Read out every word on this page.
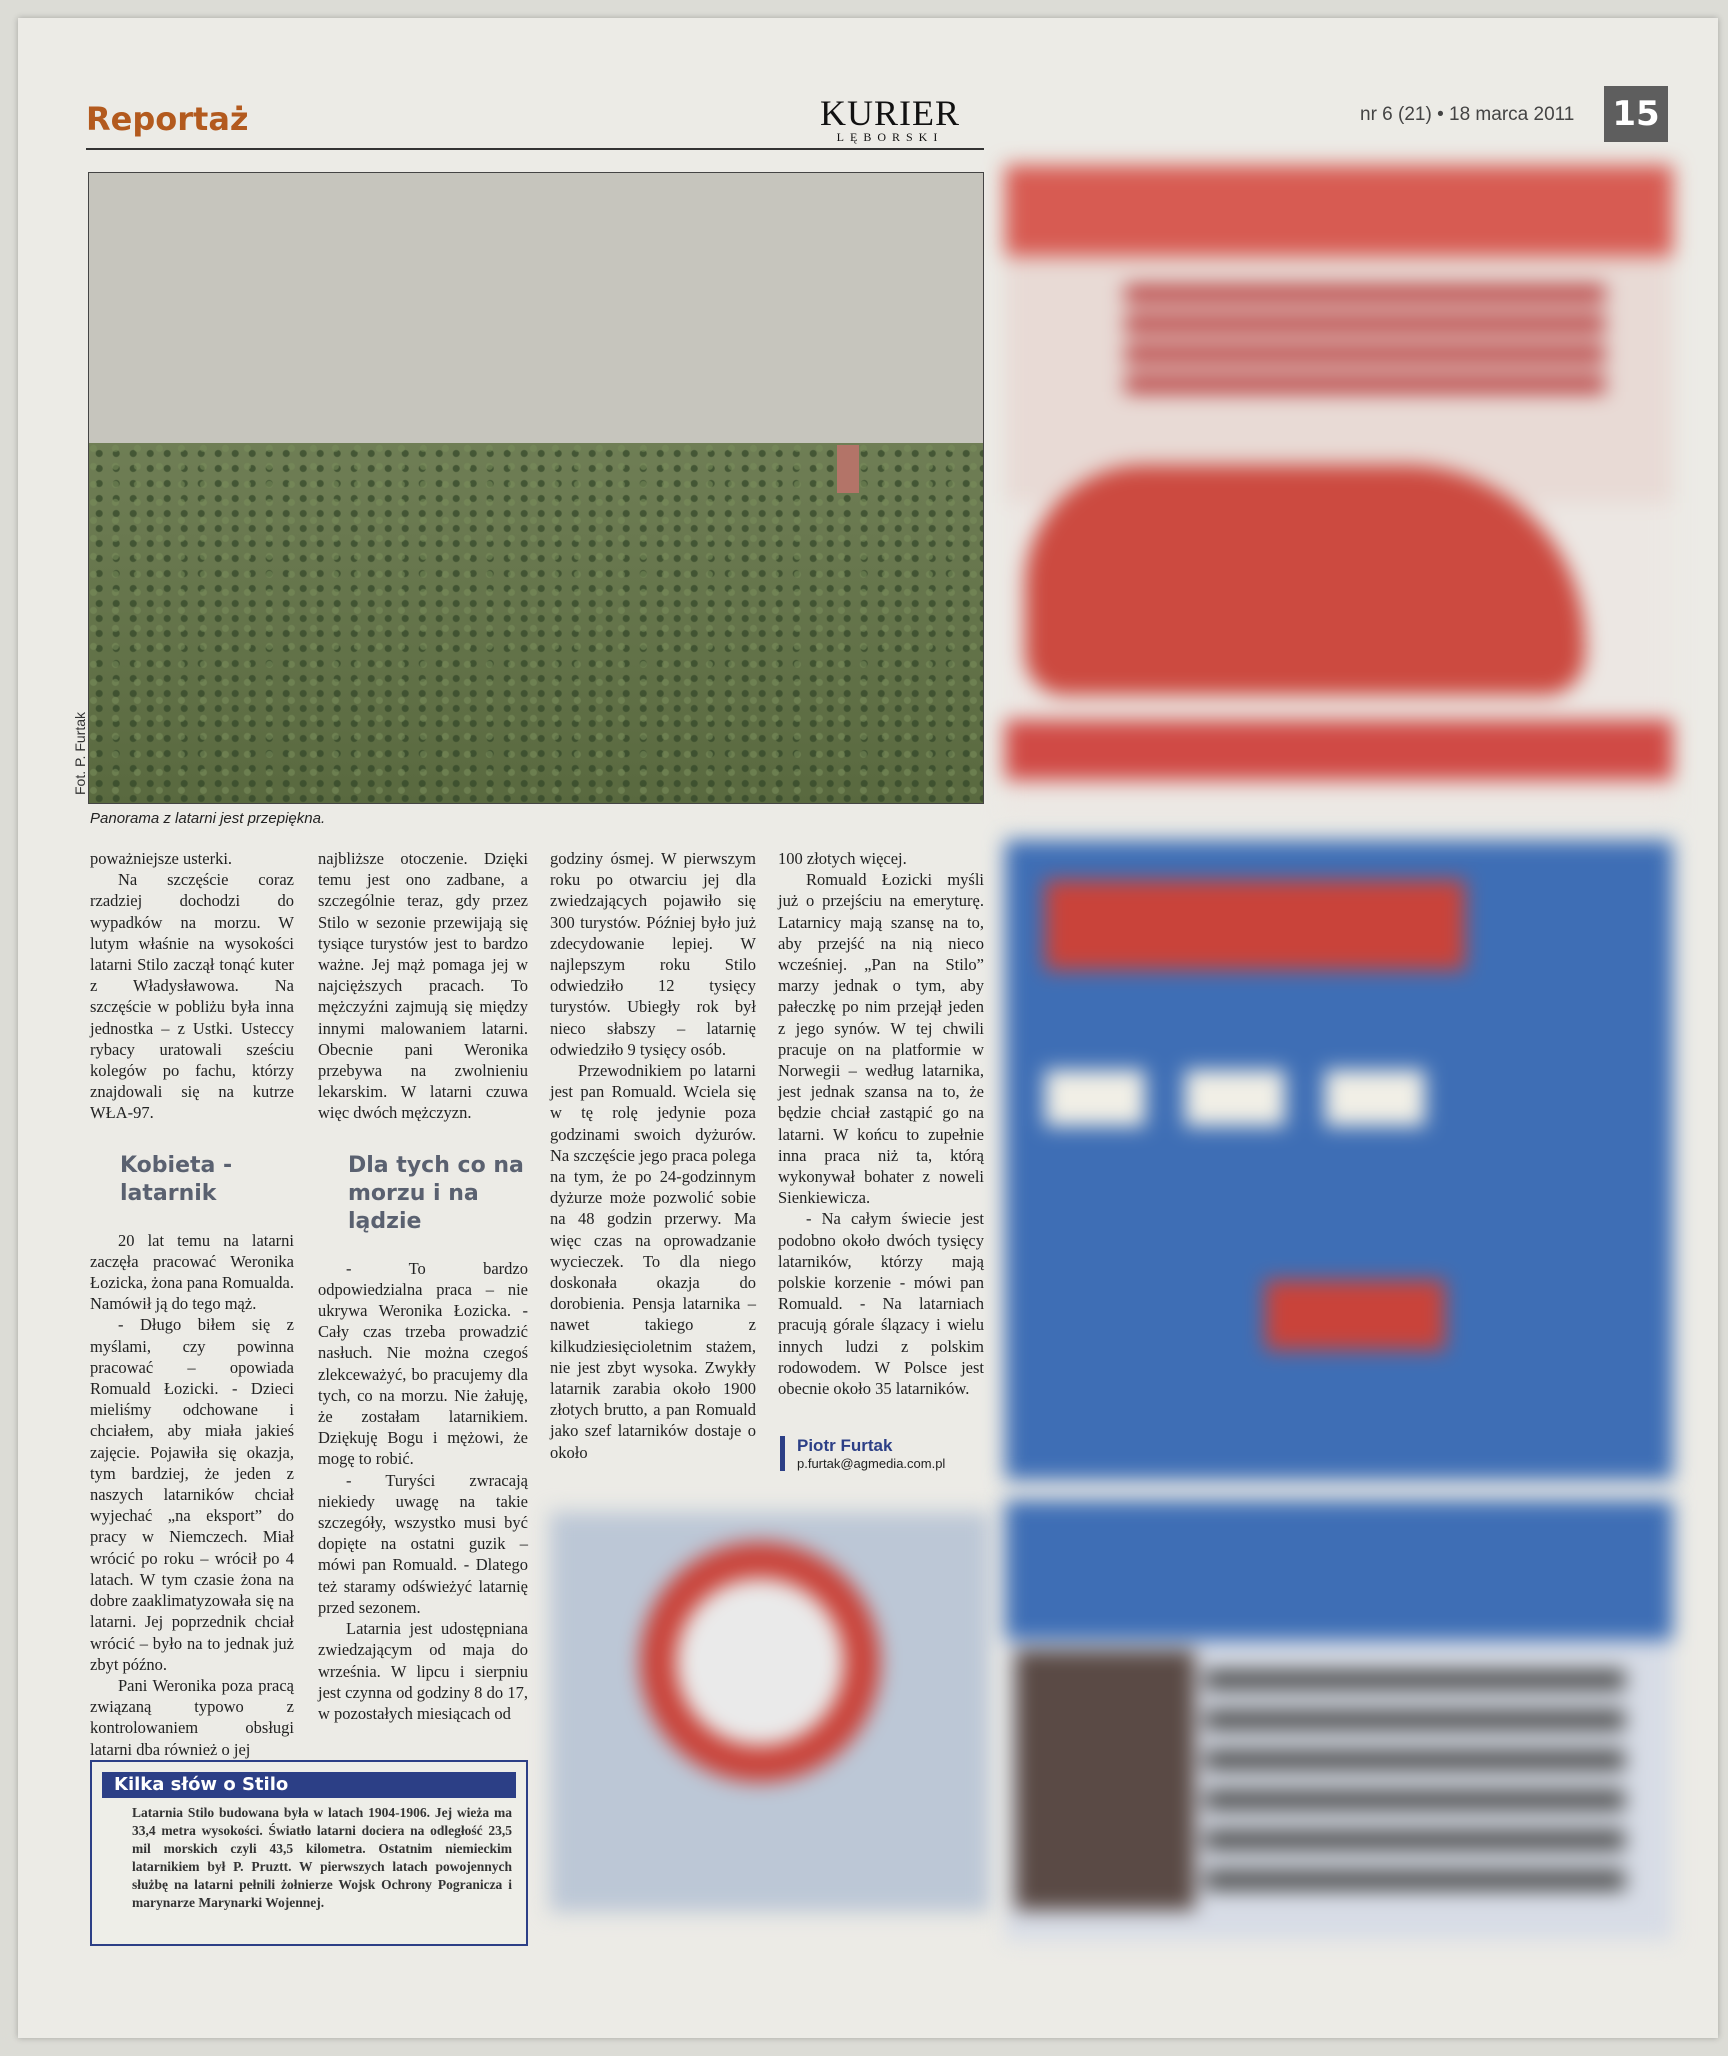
Reportaż	KURIER
LĘBORSKI
nr 6 (21) • 18 marca 2011 15
Fot. P. Furtak
Panorama z latarni jest przepiękna.

poważniejsze usterki.

Na szczęście coraz rzadziej dochodzi do wypadków na morzu. W lutym właśnie na wysokości latarni Stilo zaczął tonąć kuter z Władysławowa. Na szczęście w pobliżu była inna jednostka – z Ustki. Usteccy rybacy uratowali sześciu kolegów po fachu, którzy znajdowali się na kutrze WŁA-97.

Kobieta - latarnik

20 lat temu na latarni zaczęła pracować Weronika Łozicka, żona pana Romualda. Namówił ją do tego mąż.

- Długo biłem się z myślami, czy powinna pracować – opowiada Romuald Łozicki. - Dzieci mieliśmy odchowane i chciałem, aby miała jakieś zajęcie. Pojawiła się okazja, tym bardziej, że jeden z naszych latarników chciał wyjechać „na eksport” do pracy w Niemczech. Miał wrócić po roku – wrócił po 4 latach. W tym czasie żona na dobre zaaklimatyzowała się na latarni. Jej poprzednik chciał wrócić – było na to jednak już zbyt późno.

Pani Weronika poza pracą związaną typowo z kontrolowaniem obsługi latarni dba również o jej

najbliższe otoczenie. Dzięki temu jest ono zadbane, a szczególnie teraz, gdy przez Stilo w sezonie przewijają się tysiące turystów jest to bardzo ważne. Jej mąż pomaga jej w najcięższych pracach. To mężczyźni zajmują się między innymi malowaniem latarni. Obecnie pani Weronika przebywa na zwolnieniu lekarskim. W latarni czuwa więc dwóch mężczyzn.

Dla tych co na morzu i na lądzie

- To bardzo odpowiedzialna praca – nie ukrywa Weronika Łozicka. - Cały czas trzeba prowadzić nasłuch. Nie można czegoś zlekceważyć, bo pracujemy dla tych, co na morzu. Nie żałuję, że zostałam latarnikiem. Dziękuję Bogu i mężowi, że mogę to robić.

- Turyści zwracają niekiedy uwagę na takie szczegóły, wszystko musi być dopięte na ostatni guzik – mówi pan Romuald. - Dlatego też staramy odświeżyć latarnię przed sezonem.

Latarnia jest udostępniana zwiedzającym od maja do września. W lipcu i sierpniu jest czynna od godziny 8 do 17, w pozostałych miesiącach od

godziny ósmej. W pierwszym roku po otwarciu jej dla zwiedzających pojawiło się 300 turystów. Później było już zdecydowanie lepiej. W najlepszym roku Stilo odwiedziło 12 tysięcy turystów. Ubiegły rok był nieco słabszy – latarnię odwiedziło 9 tysięcy osób.

Przewodnikiem po latarni jest pan Romuald. Wciela się w tę rolę jedynie poza godzinami swoich dyżurów. Na szczęście jego praca polega na tym, że po 24-godzinnym dyżurze może pozwolić sobie na 48 godzin przerwy. Ma więc czas na oprowadzanie wycieczek. To dla niego doskonała okazja do dorobienia. Pensja latarnika – nawet takiego z kilkudziesięcioletnim stażem, nie jest zbyt wysoka. Zwykły latarnik zarabia około 1900 złotych brutto, a pan Romuald jako szef latarników dostaje o około

100 złotych więcej.

Romuald Łozicki myśli już o przejściu na emeryturę. Latarnicy mają szansę na to, aby przejść na nią nieco wcześniej. „Pan na Stilo” marzy jednak o tym, aby pałeczkę po nim przejął jeden z jego synów. W tej chwili pracuje on na platformie w Norwegii – według latarnika, jest jednak szansa na to, że będzie chciał zastąpić go na latarni. W końcu to zupełnie inna praca niż ta, którą wykonywał bohater z noweli Sienkiewicza.

- Na całym świecie jest podobno około dwóch tysięcy latarników, którzy mają polskie korzenie - mówi pan Romuald. - Na latarniach pracują górale ślązacy i wielu innych ludzi z polskim rodowodem. W Polsce jest obecnie około 35 latarników.

Piotr Furtak
p.furtak@agmedia.com.pl
Kilka słów o Stilo
Latarnia Stilo budowana była w latach 1904-1906. Jej wieża ma 33,4 metra wysokości. Światło latarni dociera na odległość 23,5 mil morskich czyli 43,5 kilometra. Ostatnim niemieckim latarnikiem był P. Pruztt. W pierwszych latach powojennych służbę na latarni pełnili żołnierze Wojsk Ochrony Pogranicza i marynarze Marynarki Wojennej.
